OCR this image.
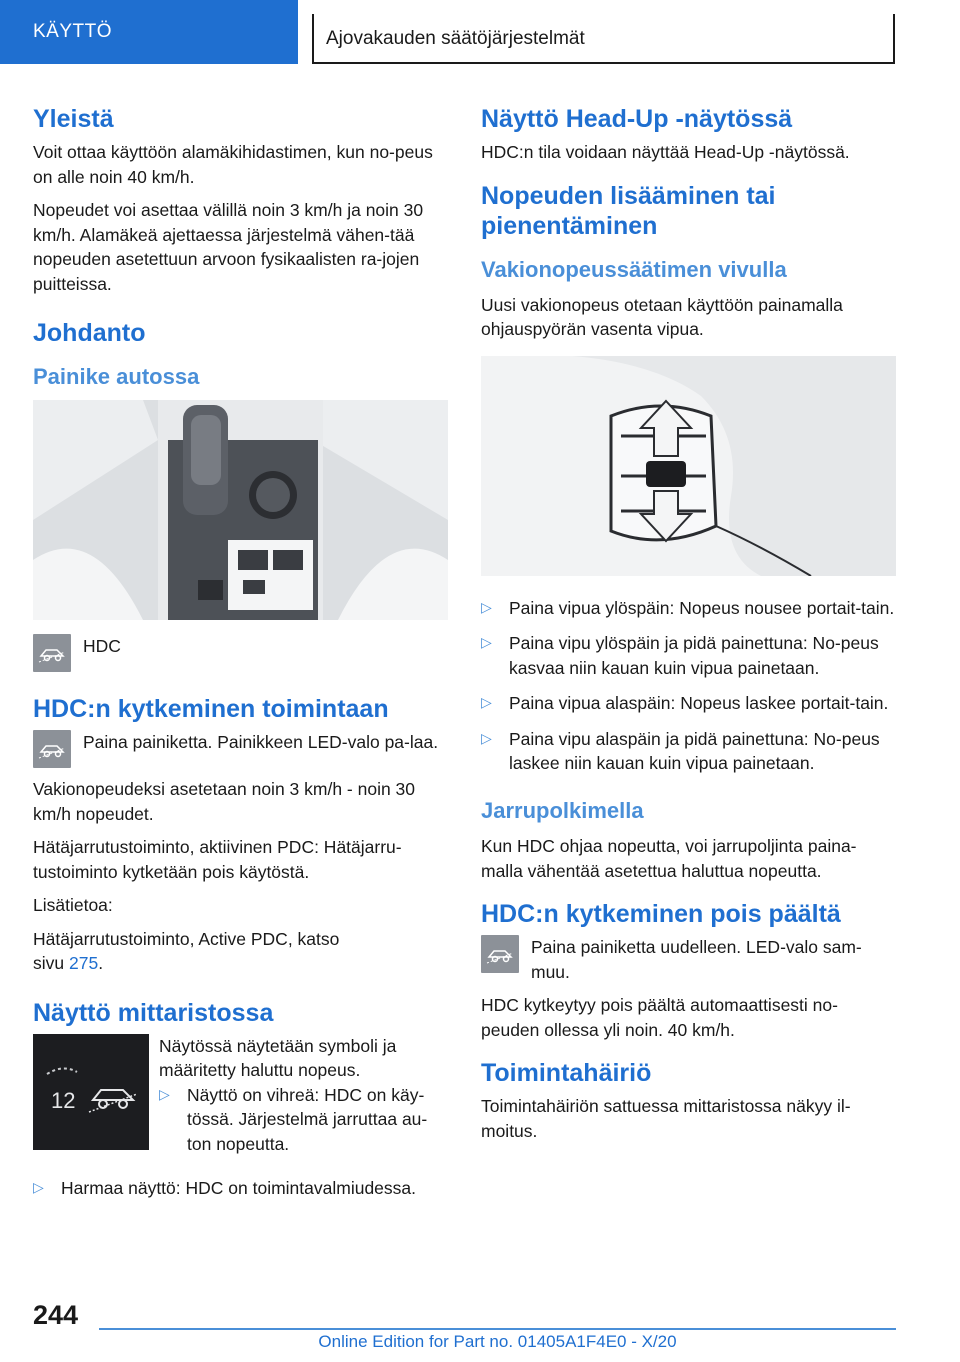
KÄYTTÖ	Ajovakauden säätöjärjestelmät
Yleistä

Voit ottaa käyttöön alamäkihidastimen, kun no-peus on alle noin 40 km/h.

Nopeudet voi asettaa välillä noin 3 km/h ja noin 30 km/h. Alamäkeä ajettaessa järjestelmä vähen-tää nopeuden asetettuun arvoon fysikaalisten ra-jojen puitteissa.

Johdanto
Painike autossa

HDC

HDC:n kytkeminen toimintaan

Paina painiketta. Painikkeen LED-valo pa-laa.

Vakionopeudeksi asetetaan noin 3 km/h - noin 30 km/h nopeudet.

Hätäjarrutustoiminto, aktiivinen PDC: Hätäjarru-tustoiminto kytketään pois käytöstä.

Lisätietoa:

Hätäjarrutustoiminto, Active PDC, katso
sivu 275.

Näyttö mittaristossa
12

Näytössä näytetään symboli ja määritetty haluttu nopeus.

▷ Näyttö on vihreä: HDC on käy-tössä. Järjestelmä jarruttaa au-ton nopeutta.
▷ Harmaa näyttö: HDC on toimintavalmiudessa.
Näyttö Head-Up -näytössä

HDC:n tila voidaan näyttää Head-Up -näytössä.

Nopeuden lisääminen tai pienentäminen
Vakionopeussäätimen vivulla

Uusi vakionopeus otetaan käyttöön painamalla ohjauspyörän vasenta vipua.

▷ Paina vipua ylöspäin: Nopeus nousee portait-tain.
▷ Paina vipu ylöspäin ja pidä painettuna: No-peus kasvaa niin kauan kuin vipua painetaan.
▷ Paina vipua alaspäin: Nopeus laskee portait-tain.
▷ Paina vipu alaspäin ja pidä painettuna: No-peus laskee niin kauan kuin vipua painetaan.
Jarrupolkimella

Kun HDC ohjaa nopeutta, voi jarrupoljinta paina-malla vähentää asetettua haluttua nopeutta.

HDC:n kytkeminen pois päältä

Paina painiketta uudelleen. LED-valo sam-muu.

HDC kytkeytyy pois päältä automaattisesti no-peuden ollessa yli noin. 40 km/h.

Toimintahäiriö

Toimintahäiriön sattuessa mittaristossa näkyy il-moitus.

244
Online Edition for Part no. 01405A1F4E0 - X/20
